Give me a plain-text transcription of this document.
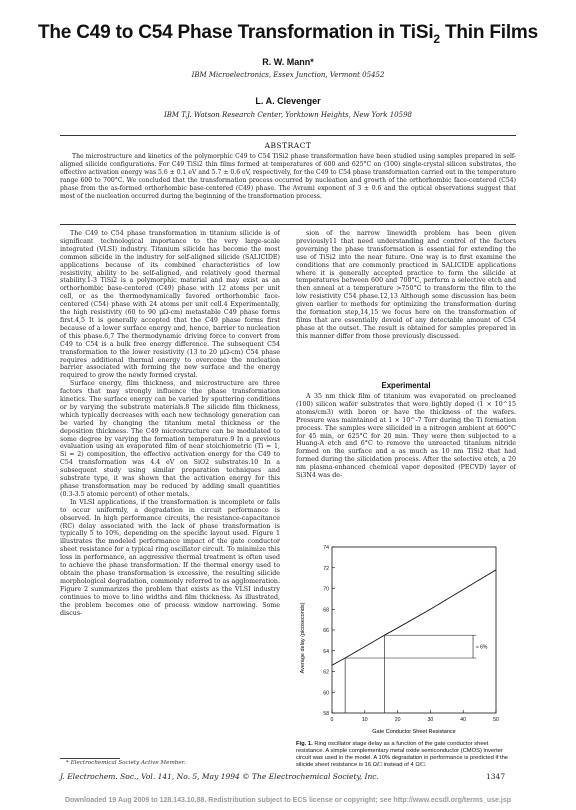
The C49 to C54 Phase Transformation in TiSi$_2$ Thin Films
R. W. Mann*
IBM Microelectronics, Essex Junction, Vermont 05452
L. A. Clevenger
IBM T.J. Watson Research Center, Yorktown Heights, New York 10598
ABSTRACT
The microstructure and kinetics of the polymorphic C49 to C54 TiSi2 phase transformation have been studied using samples prepared in self-aligned silicide configurations. For C49 TiSi2 thin films formed at temperatures of 600 and 625°C on (100) single-crystal silicon substrates, the effective activation energy was 5.6 ± 0.1 eV and 5.7 ± 0.6 eV, respectively, for the C49 to C54 phase transformation carried out in the temperature range 600 to 700°C. We concluded that the transformation process occurred by nucleation and growth of the orthorhombic face-centered (C54) phase from the as-formed orthorhombic base-centered (C49) phase. The Avrami exponent of 3 ± 0.6 and the optical observations suggest that most of the nucleation occurred during the beginning of the transformation process.

The C49 to C54 phase transformation in titanium silicide is of significant technological importance to the very large-scale integrated (VLSI) industry. Titanium silicide has become the most common silicide in the industry for self-aligned silicide (SALICIDE) applications because of its combined characteristics of low resistivity, ability to be self-aligned, and relatively good thermal stability.1-3 TiSi2 is a polymorphic material and may exist as an orthorhombic base-centered (C49) phase with 12 atoms per unit cell, or as the thermodynamically favored orthorhombic face-centered (C54) phase with 24 atoms per unit cell.4 Experimentally, the high resistivity (60 to 90 μΩ-cm) metastable C49 phase forms first.4,5 It is generally accepted that the C49 phase forms first because of a lower surface energy and, hence, barrier to nucleation of this phase.6,7 The thermodynamic driving force to convert from C49 to C54 is a bulk free energy difference. The subsequent C54 transformation to the lower resistivity (13 to 20 μΩ-cm) C54 phase requires additional thermal energy to overcome the nucleation barrier associated with forming the new surface and the energy required to grow the newly formed crystal.

Surface energy, film thickness, and microstructure are three factors that may strongly influence the phase transformation kinetics. The surface energy can be varied by sputtering conditions or by varying the substrate materials.8 The silicide film thickness, which typically decreases with each new technology generation can be varied by changing the titanium metal thickness or the deposition thickness. The C49 microstructure can be modulated to some degree by varying the formation temperature.9 In a previous evaluation using an evaporated film of near stoichiometric (Ti = 1, Si = 2) composition, the effective activation energy for the C49 to C54 transformation was 4.4 eV on SiO2 substrates.10 In a subsequent study using similar preparation techniques and substrate type, it was shown that the activation energy for this phase transformation may be reduced by adding small quantities (0.3-3.5 atomic percent) of other metals.

In VLSI applications, if the transformation is incomplete or fails to occur uniformly, a degradation in circuit performance is observed. In high performance circuits, the resistance-capacitance (RC) delay associated with the lack of phase transformation is typically 5 to 10%, depending on the specific layout used. Figure 1 illustrates the modeled performance impact of the gate conductor sheet resistance for a typical ring oscillator circuit. To minimize this loss in performance, an aggressive thermal treatment is often used to achieve the phase transformation. If the thermal energy used to obtain the phase transformation is excessive, the resulting silicide morphological degradation, commonly referred to as agglomeration. Figure 2 summarizes the problem that exists as the VLSI industry continues to move to line widths and film thickness. As illustrated, the problem becomes one of process window narrowing. Some discus-

* Electrochemical Society Active Member.

sion of the narrow linewidth problem has been given previously11 that need understanding and control of the factors governing the phase transformation is essential for extending the use of TiSi2 into the near future. One way is to first examine the conditions that are commonly practiced in SALICIDE applications where it is generally accepted practice to form the silicide at temperatures between 600 and 700°C, perform a selective etch and then anneal at a temperature >750°C to transform the film to the low resistivity C54 phase.12,13 Although some discussion has been given earlier to methods for optimizing the transformation during the formation step,14,15 we focus here on the transformation of films that are essentially devoid of any detectable amount of C54 phase at the outset. The result is obtained for samples prepared in this manner differ from those previously discussed.

Experimental

A 35 nm thick film of titanium was evaporated on precleaned (100) silicon wafer substrates that were lightly doped (1 × 10^15 atoms/cm3) with boron or have the thickness of the wafers. Pressure was maintained at 1 × 10^-7 Torr during the Ti formation process. The samples were silicided in a nitrogen ambient at 600°C for 45 min, or 625°C for 20 min. They were then subjected to a Huang-A etch and 6°C to remove the unreacted titanium nitride formed on the surface and a as much as 10 nm TiSi2 that had formed during the silicidation process. After the selective etch, a 20 nm plasma-enhanced chemical vapor deposited (PECVD) layer of Si3N4 was de-

74
72
70
68
66
64
62
60
58
0	10	20	30	40	50
Average delay (picoseconds)
Gate Conductor Sheet Resistance
≈ 6%
Fig. 1. Ring oscillator stage delay as a function of the gate conductor sheet resistance. A simple complementary metal oxide semiconductor (CMOS) inverter circuit was used in the model. A 10% degradation in performance is predicted if the silicide sheet resistance is 16 Ω/□ instead of 4 Ω/□.
J. Electrochem. Soc., Vol. 141, No. 5, May 1994 © The Electrochemical Society, Inc.	1347
Downloaded 19 Aug 2009 to 128.143.10.88. Redistribution subject to ECS license or copyright; see http://www.ecsdl.org/terms_use.jsp
